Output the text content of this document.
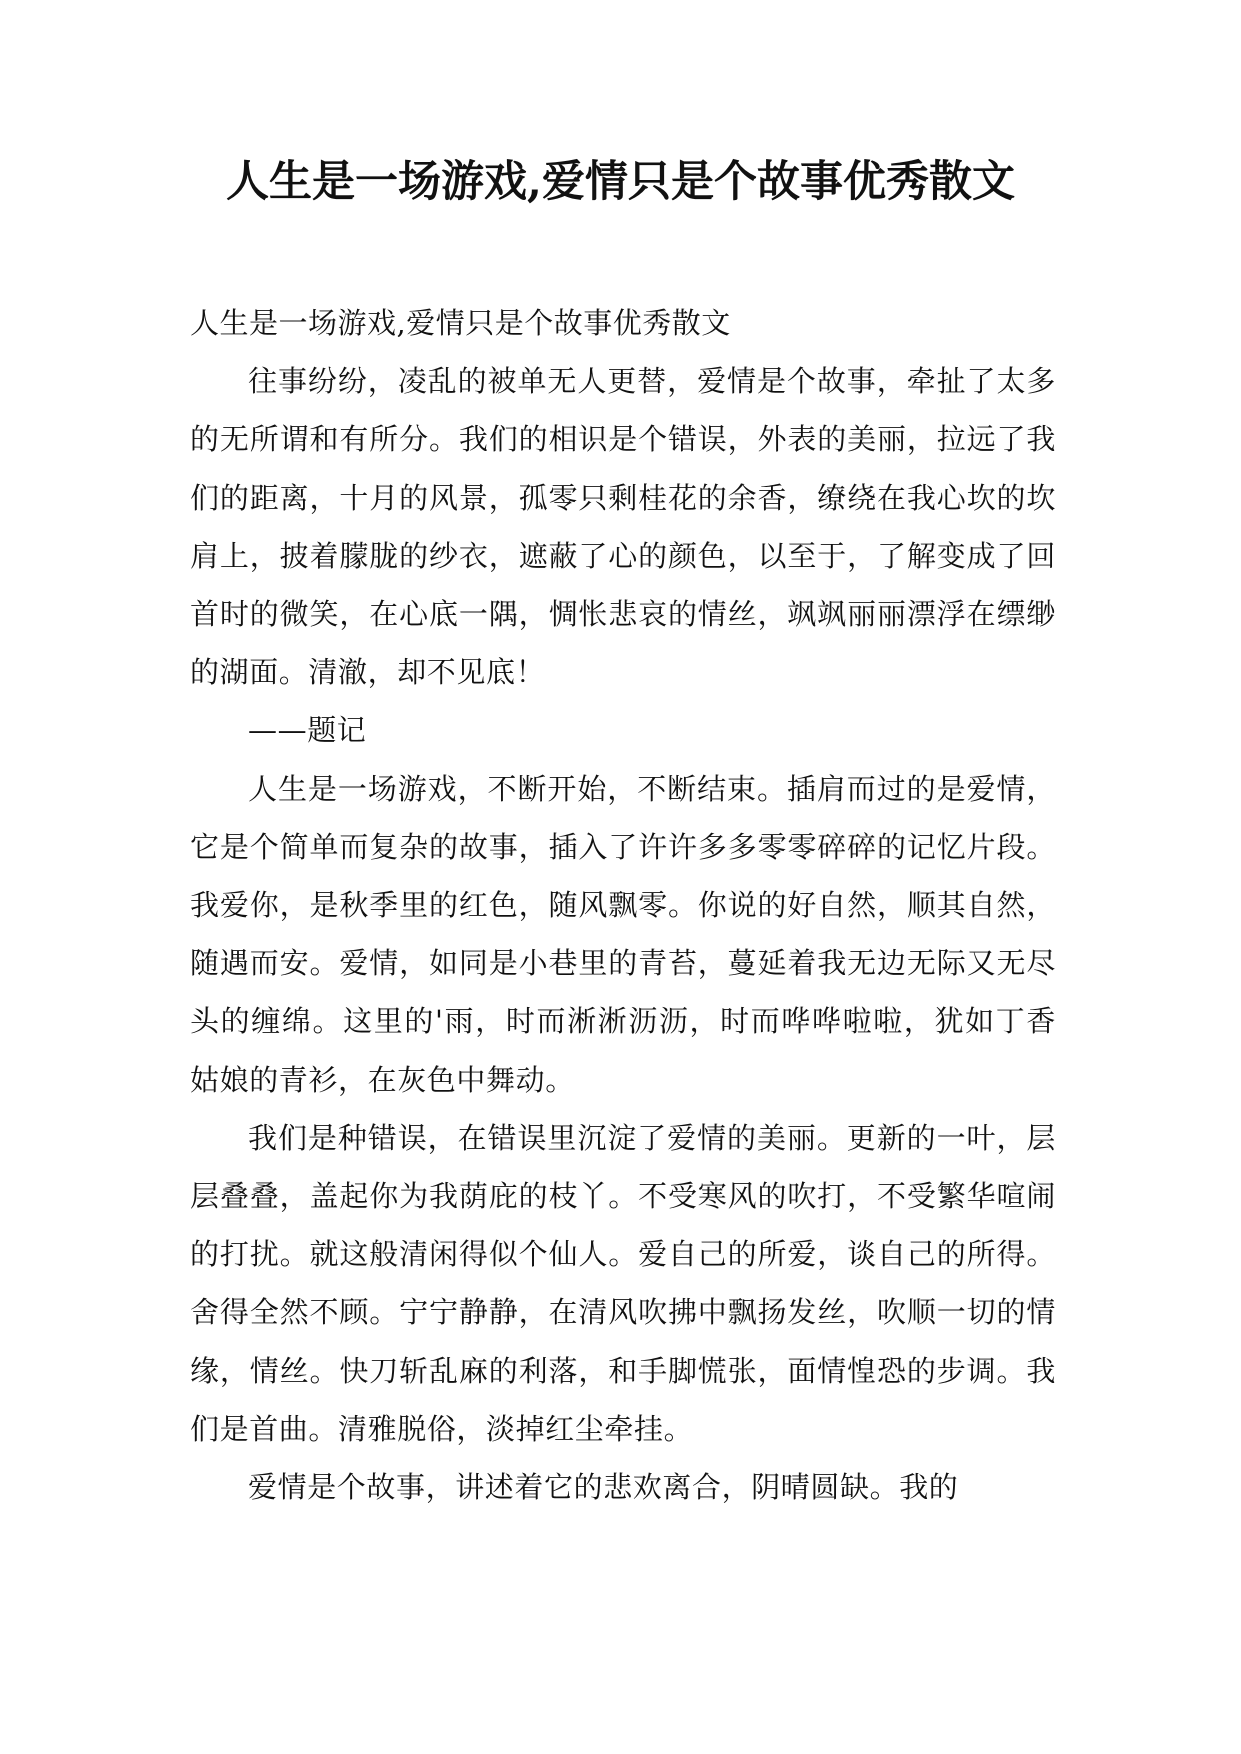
人生是一场游戏,爱情只是个故事优秀散文

人生是一场游戏,爱情只是个故事优秀散文

往事纷纷，凌乱的被单无人更替，爱情是个故事，牵扯了太多的无所谓和有所分。我们的相识是个错误，外表的美丽，拉远了我们的距离，十月的风景，孤零只剩桂花的余香，缭绕在我心坎的坎肩上，披着朦胧的纱衣，遮蔽了心的颜色，以至于，了解变成了回首时的微笑，在心底一隅，惆怅悲哀的情丝，飒飒丽丽漂浮在缥缈的湖面。清澈，却不见底！

——题记

人生是一场游戏，不断开始，不断结束。插肩而过的是爱情，它是个简单而复杂的故事，插入了许许多多零零碎碎的记忆片段。我爱你，是秋季里的红色，随风飘零。你说的好自然，顺其自然，随遇而安。爱情，如同是小巷里的青苔，蔓延着我无边无际又无尽头的缠绵。这里的'雨，时而淅淅沥沥，时而哗哗啦啦，犹如丁香姑娘的青衫，在灰色中舞动。

我们是种错误，在错误里沉淀了爱情的美丽。更新的一叶，层层叠叠，盖起你为我荫庇的枝丫。不受寒风的吹打，不受繁华喧闹的打扰。就这般清闲得似个仙人。爱自己的所爱，谈自己的所得。舍得全然不顾。宁宁静静，在清风吹拂中飘扬发丝，吹顺一切的情缘，情丝。快刀斩乱麻的利落，和手脚慌张，面情惶恐的步调。我们是首曲。清雅脱俗，淡掉红尘牵挂。

爱情是个故事，讲述着它的悲欢离合，阴晴圆缺。我的
